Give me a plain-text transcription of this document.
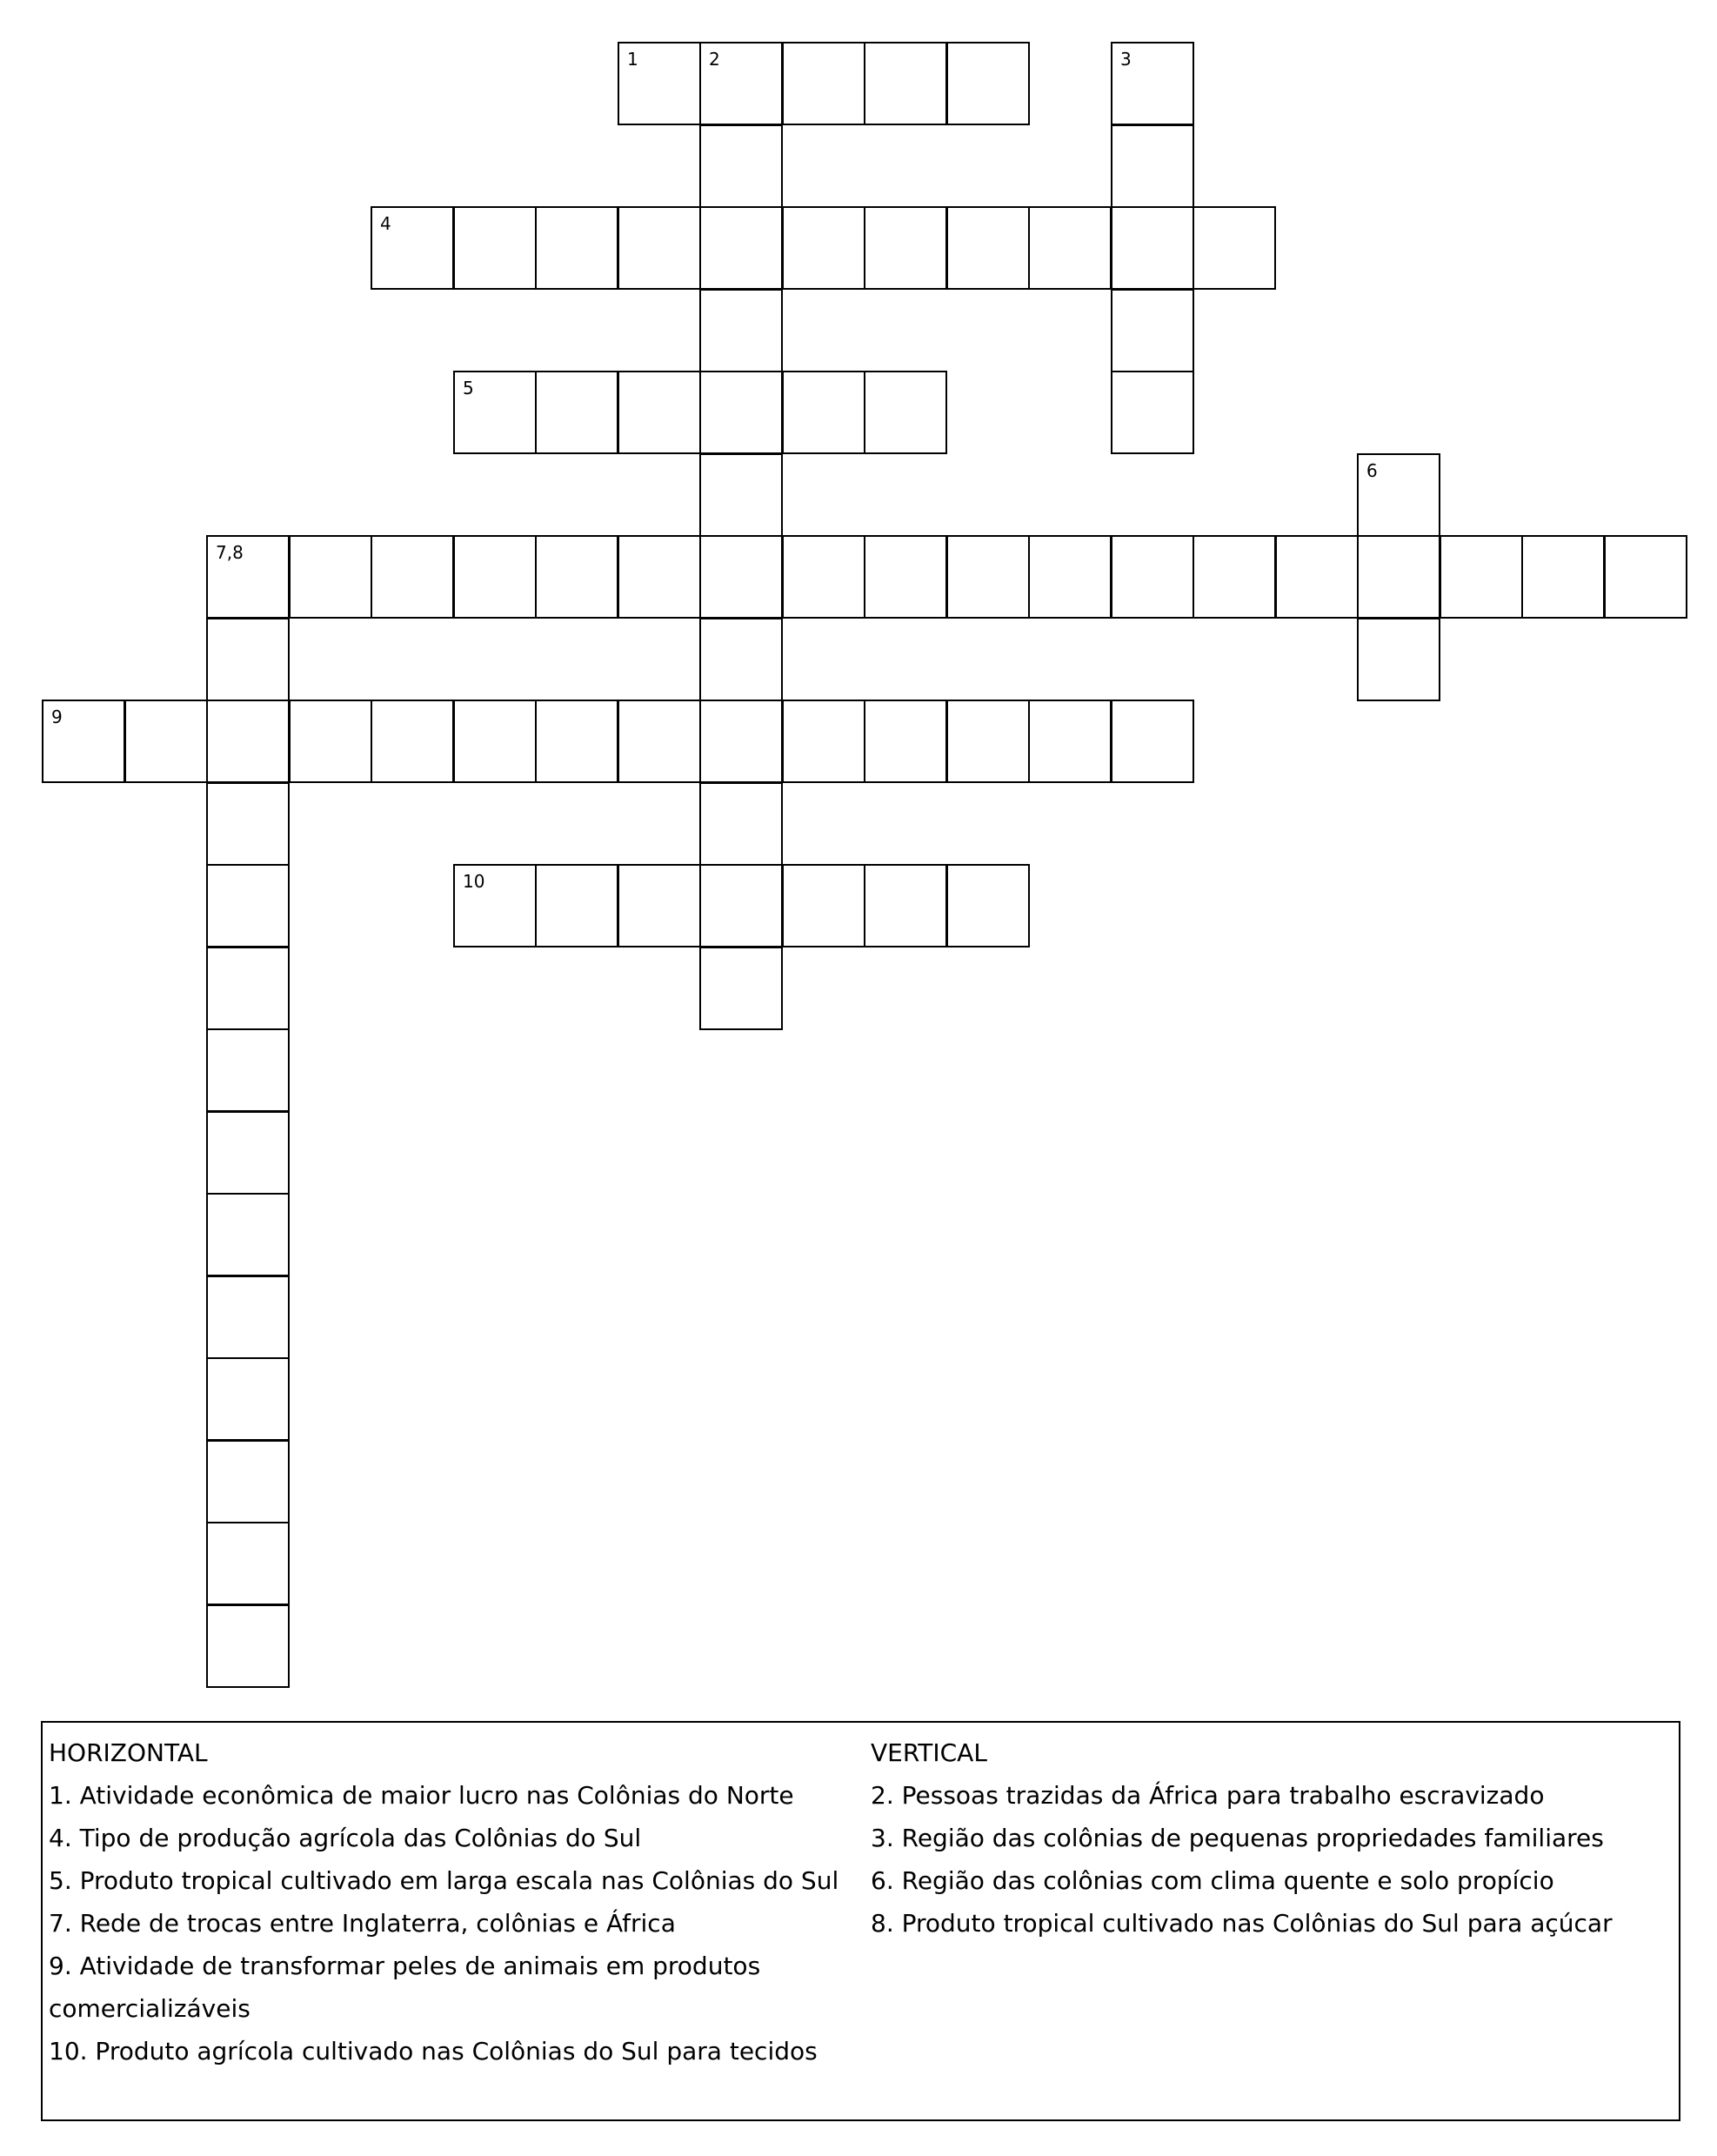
1	2
4
5
7,8
9
10
3
6

HORIZONTAL

1. Atividade econômica de maior lucro nas Colônias do Norte

4. Tipo de produção agrícola das Colônias do Sul

5. Produto tropical cultivado em larga escala nas Colônias do Sul

7. Rede de trocas entre Inglaterra, colônias e África

9. Atividade de transformar peles de animais em produtos comercializáveis

10. Produto agrícola cultivado nas Colônias do Sul para tecidos

VERTICAL

2. Pessoas trazidas da África para trabalho escravizado

3. Região das colônias de pequenas propriedades familiares

6. Região das colônias com clima quente e solo propício

8. Produto tropical cultivado nas Colônias do Sul para açúcar
